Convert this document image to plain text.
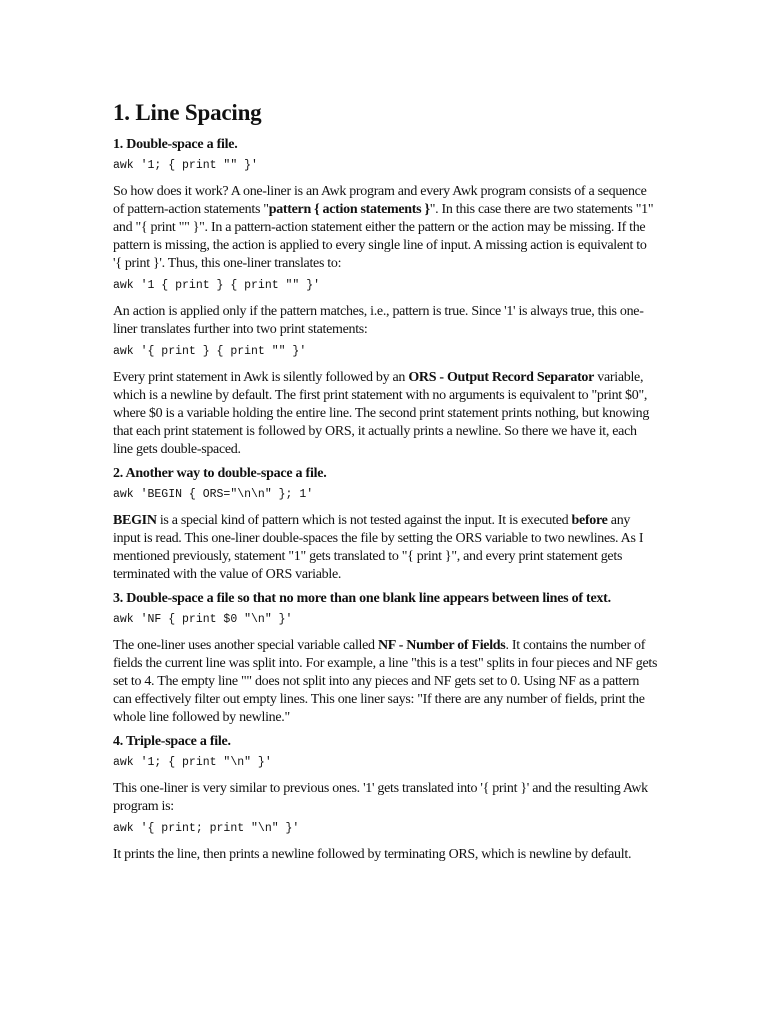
1. Line Spacing
1. Double-space a file.
awk '1; { print "" }'

So how does it work? A one-liner is an Awk program and every Awk program consists of a sequence of pattern-action statements "pattern { action statements }". In this case there are two statements "1" and "{ print "" }". In a pattern-action statement either the pattern or the action may be missing. If the pattern is missing, the action is applied to every single line of input. A missing action is equivalent to '{ print }'. Thus, this one-liner translates to:

awk '1 { print } { print "" }'

An action is applied only if the pattern matches, i.e., pattern is true. Since '1' is always true, this one-liner translates further into two print statements:

awk '{ print } { print "" }'

Every print statement in Awk is silently followed by an ORS - Output Record Separator variable, which is a newline by default. The first print statement with no arguments is equivalent to "print $0", where $0 is a variable holding the entire line. The second print statement prints nothing, but knowing that each print statement is followed by ORS, it actually prints a newline. So there we have it, each line gets double-spaced.

2. Another way to double-space a file.
awk 'BEGIN { ORS="\n\n" }; 1'

BEGIN is a special kind of pattern which is not tested against the input. It is executed before any input is read. This one-liner double-spaces the file by setting the ORS variable to two newlines. As I mentioned previously, statement "1" gets translated to "{ print }", and every print statement gets terminated with the value of ORS variable.

3. Double-space a file so that no more than one blank line appears between lines of text.
awk 'NF { print $0 "\n" }'

The one-liner uses another special variable called NF - Number of Fields. It contains the number of fields the current line was split into. For example, a line "this is a test" splits in four pieces and NF gets set to 4. The empty line "" does not split into any pieces and NF gets set to 0. Using NF as a pattern can effectively filter out empty lines. This one liner says: "If there are any number of fields, print the whole line followed by newline."

4. Triple-space a file.
awk '1; { print "\n" }'

This one-liner is very similar to previous ones. '1' gets translated into '{ print }' and the resulting Awk program is:

awk '{ print; print "\n" }'

It prints the line, then prints a newline followed by terminating ORS, which is newline by default.
